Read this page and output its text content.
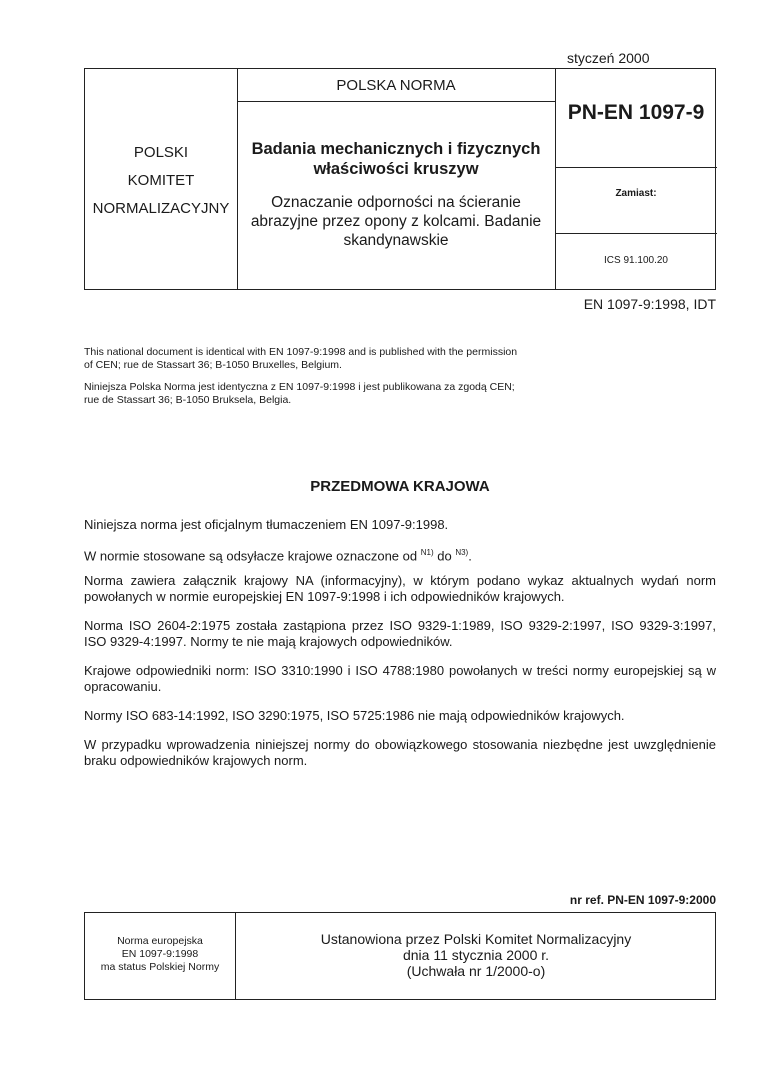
styczeń 2000
POLSKI
KOMITET
NORMALIZACYJNY
POLSKA NORMA
Badania mechanicznych i fizycznych właściwości kruszyw
Oznaczanie odporności na ścieranie abrazyjne przez opony z kolcami. Badanie skandynawskie
PN-EN 1097-9
Zamiast:
ICS 91.100.20
EN 1097-9:1998, IDT
This national document is identical with EN 1097-9:1998 and is published with the permission of CEN; rue de Stassart 36; B-1050 Bruxelles, Belgium.
Niniejsza Polska Norma jest identyczna z EN 1097-9:1998 i jest publikowana za zgodą CEN; rue de Stassart 36; B-1050 Bruksela, Belgia.
PRZEDMOWA KRAJOWA
Niniejsza norma jest oficjalnym tłumaczeniem EN 1097-9:1998.
W normie stosowane są odsyłacze krajowe oznaczone od $^{N1)}$ do $^{N3)}$.
Norma zawiera załącznik krajowy NA (informacyjny), w którym podano wykaz aktualnych wydań norm powołanych w normie europejskiej EN 1097-9:1998 i ich odpowiedników krajowych.
Norma ISO 2604-2:1975 została zastąpiona przez ISO 9329-1:1989, ISO 9329-2:1997, ISO 9329-3:1997, ISO 9329-4:1997. Normy te nie mają krajowych odpowiedników.
Krajowe odpowiedniki norm: ISO 3310:1990 i ISO 4788:1980 powołanych w treści normy europejskiej są w opracowaniu.
Normy ISO 683-14:1992, ISO 3290:1975, ISO 5725:1986 nie mają odpowiedników krajowych.
W przypadku wprowadzenia niniejszej normy do obowiązkowego stosowania niezbędne jest uwzględnienie braku odpowiedników krajowych norm.
nr ref. PN-EN 1097-9:2000
Norma europejska
EN 1097-9:1998
ma status Polskiej Normy
Ustanowiona przez Polski Komitet Normalizacyjny
dnia 11 stycznia 2000 r.
(Uchwała nr 1/2000-o)
